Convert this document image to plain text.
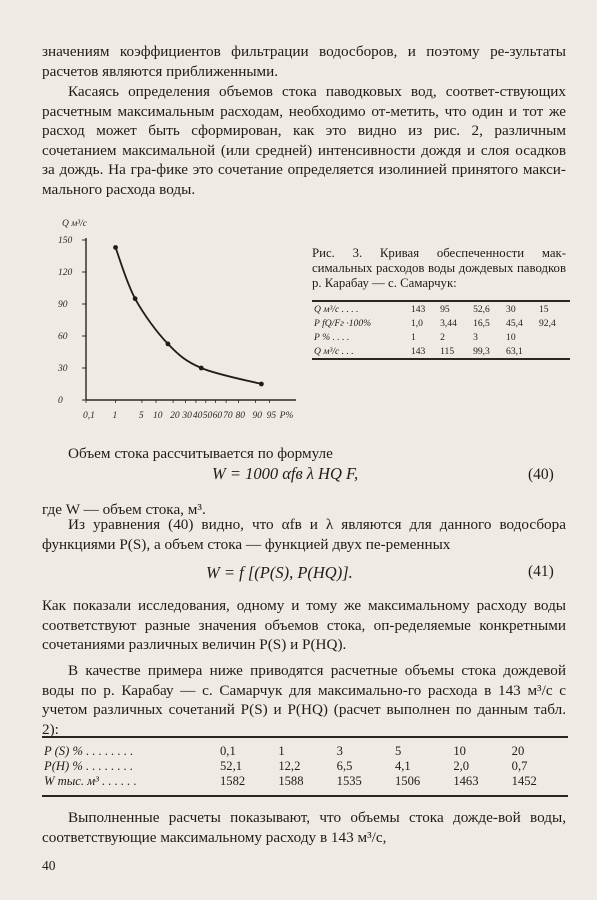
значениям коэффициентов фильтрации водосборов, и поэтому ре-зультаты расчетов являются приближенными.
Касаясь определения объемов стока паводковых вод, соответ-ствующих расчетным максимальным расходам, необходимо от-метить, что один и тот же расход может быть сформирован, как это видно из рис. 2, различным сочетанием максимальной (или средней) интенсивности дождя и слоя осадков за дождь. На гра-фике это сочетание определяется изолинией принятого макси-мального расхода воды.
Q м³/с
150
120
90
60
30
0
0,1 1 5 10 20 30 40 50 60 70 80 90 95 P%
Рис. 3. Кривая обеспеченности мак-симальных расходов воды дождевых паводков р. Карабау — с. Самарчук:
Q м³/с . . . .	143	95	52,6	30	15
P fQ/Fг ·100%	1,0	3,44	16,5	45,4	92,4
P % . . . .	1	2	3	10	
Q м³/с . . .	143	115	99,3	63,1	
Объем стока рассчитывается по формуле
W = 1000 αfв λ HQ F,	(40)
где W — объем стока, м³.
Из уравнения (40) видно, что αfв и λ являются для данного водосбора функциями P(S), а объем стока — функцией двух пе-ременных
W = f [(P(S), P(HQ)].	(41)
Как показали исследования, одному и тому же максимальному расходу воды соответствуют разные значения объемов стока, оп-ределяемые конкретными сочетаниями различных величин P(S) и P(HQ).
В качестве примера ниже приводятся расчетные объемы стока дождевой воды по р. Карабау — с. Самарчук для максимально-го расхода в 143 м³/с с учетом различных сочетаний P(S) и P(HQ) (расчет выполнен по данным табл. 2):
P (S) % . . . . . . . .	0,1	1	3	5	10	20
P(H) % . . . . . . . .	52,1	12,2	6,5	4,1	2,0	0,7
W тыс. м³ . . . . . .	1582	1588	1535	1506	1463	1452
Выполненные расчеты показывают, что объемы стока дожде-вой воды, соответствующие максимальному расходу в 143 м³/с,
40
